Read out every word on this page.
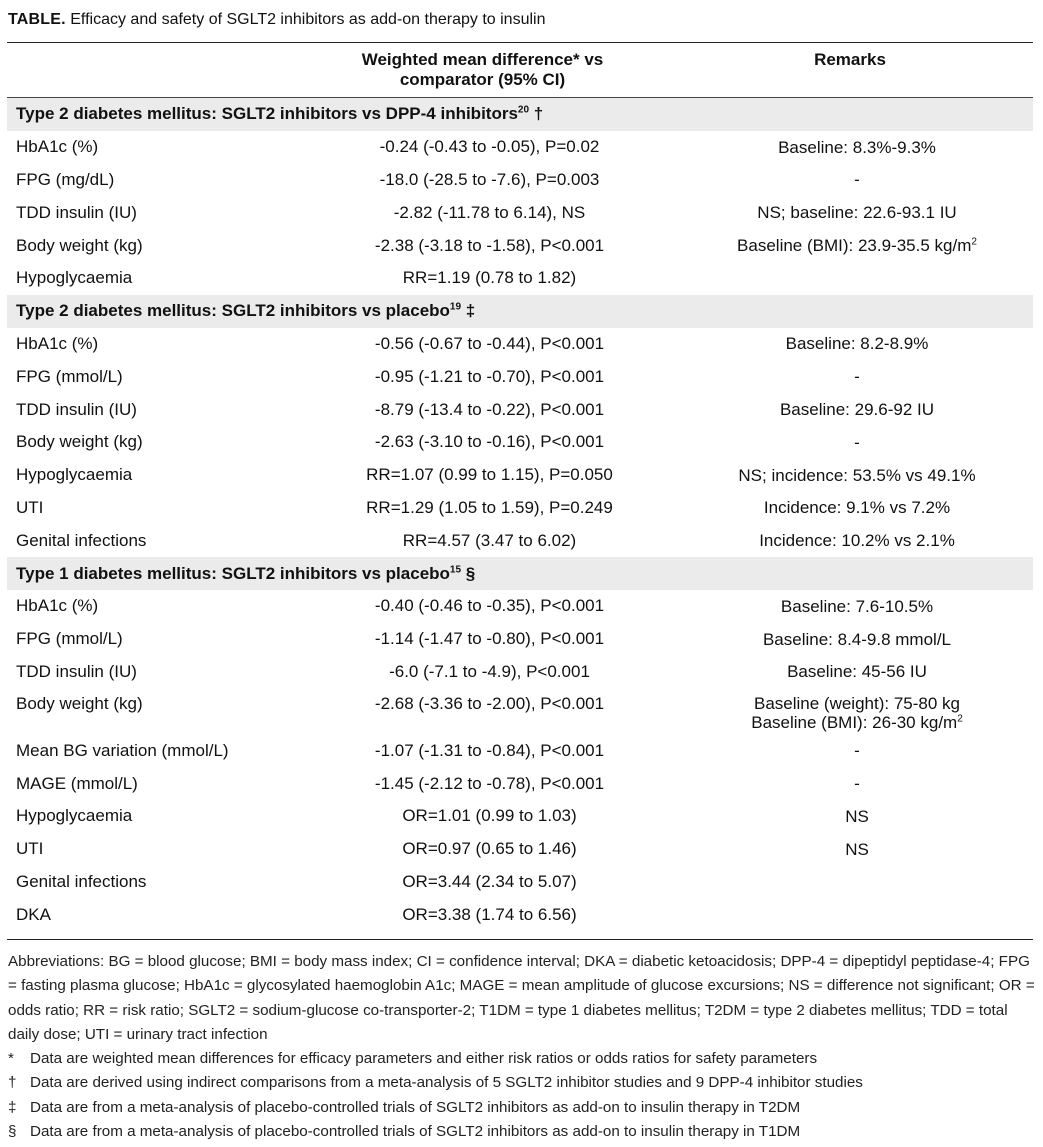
TABLE. Efficacy and safety of SGLT2 inhibitors as add-on therapy to insulin
Weighted mean difference* vs
comparator (95% CI)
Remarks
Type 2 diabetes mellitus: SGLT2 inhibitors vs DPP-4 inhibitors$^{20}$ †
HbA1c (%)	-0.24 (-0.43 to -0.05), P=0.02	Baseline: 8.3%-9.3%
FPG (mg/dL)	-18.0 (-28.5 to -7.6), P=0.003	-
TDD insulin (IU)	-2.82 (-11.78 to 6.14), NS	NS; baseline: 22.6-93.1 IU
Body weight (kg)	-2.38 (-3.18 to -1.58), P<0.001	Baseline (BMI): 23.9-35.5 $kg/m^2$
Hypoglycaemia	RR=1.19 (0.78 to 1.82)
Type 2 diabetes mellitus: SGLT2 inhibitors vs placebo$^{19}$ ‡
HbA1c (%)	-0.56 (-0.67 to -0.44), P<0.001	Baseline: 8.2-8.9%
FPG (mmol/L)	-0.95 (-1.21 to -0.70), P<0.001	-
TDD insulin (IU)	-8.79 (-13.4 to -0.22), P<0.001	Baseline: 29.6-92 IU
Body weight (kg)	-2.63 (-3.10 to -0.16), P<0.001	-
Hypoglycaemia	RR=1.07 (0.99 to 1.15), P=0.050	NS; incidence: 53.5% vs 49.1%
UTI	RR=1.29 (1.05 to 1.59), P=0.249	Incidence: 9.1% vs 7.2%
Genital infections	RR=4.57 (3.47 to 6.02)	Incidence: 10.2% vs 2.1%
Type 1 diabetes mellitus: SGLT2 inhibitors vs placebo$^{15}$ §
HbA1c (%)	-0.40 (-0.46 to -0.35), P<0.001	Baseline: 7.6-10.5%
FPG (mmol/L)	-1.14 (-1.47 to -0.80), P<0.001	Baseline: 8.4-9.8 mmol/L
TDD insulin (IU)	-6.0 (-7.1 to -4.9), P<0.001	Baseline: 45-56 IU
Body weight (kg)	-2.68 (-3.36 to -2.00), P<0.001	Baseline (weight): 75-80 kg
Baseline (BMI): 26-30 $kg/m^2$
Mean BG variation (mmol/L)	-1.07 (-1.31 to -0.84), P<0.001	-
MAGE (mmol/L)	-1.45 (-2.12 to -0.78), P<0.001	-
Hypoglycaemia	OR=1.01 (0.99 to 1.03)	NS
UTI	OR=0.97 (0.65 to 1.46)	NS
Genital infections	OR=3.44 (2.34 to 5.07)
DKA	OR=3.38 (1.74 to 6.56)

Abbreviations: BG = blood glucose; BMI = body mass index; CI = confidence interval; DKA = diabetic ketoacidosis; DPP-4 = dipeptidyl peptidase-4; FPG = fasting plasma glucose; HbA1c = glycosylated haemoglobin A1c; MAGE = mean amplitude of glucose excursions; NS = difference not significant; OR = odds ratio; RR = risk ratio; SGLT2 = sodium-glucose co-transporter-2; T1DM = type 1 diabetes mellitus; T2DM = type 2 diabetes mellitus; TDD = total daily dose; UTI = urinary tract infection

* Data are weighted mean differences for efficacy parameters and either risk ratios or odds ratios for safety parameters

† Data are derived using indirect comparisons from a meta-analysis of 5 SGLT2 inhibitor studies and 9 DPP-4 inhibitor studies

‡ Data are from a meta-analysis of placebo-controlled trials of SGLT2 inhibitors as add-on to insulin therapy in T2DM

§ Data are from a meta-analysis of placebo-controlled trials of SGLT2 inhibitors as add-on to insulin therapy in T1DM
